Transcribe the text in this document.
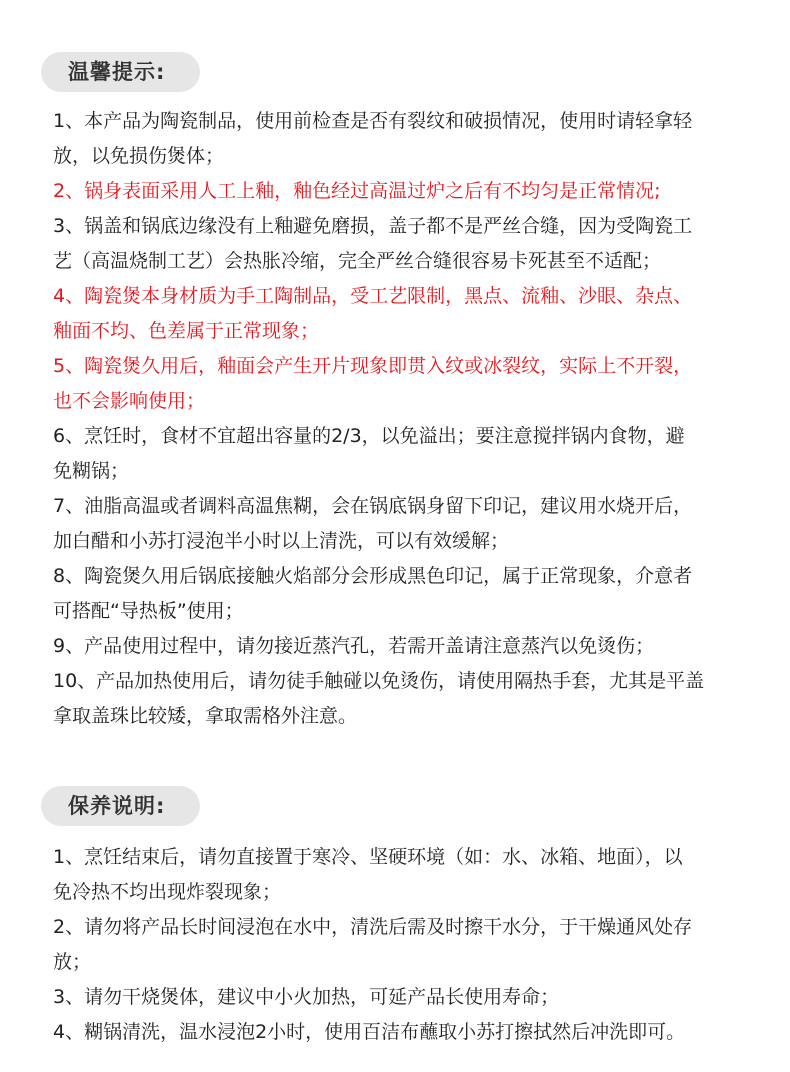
温馨提示:
1、本产品为陶瓷制品，使用前检查是否有裂纹和破损情况，使用时请轻拿轻
放，以免损伤煲体；
2、锅身表面采用人工上釉，釉色经过高温过炉之后有不均匀是正常情况;
3、锅盖和锅底边缘没有上釉避免磨损，盖子都不是严丝合缝，因为受陶瓷工
艺（高温烧制工艺）会热胀冷缩，完全严丝合缝很容易卡死甚至不适配；
4、陶瓷煲本身材质为手工陶制品，受工艺限制，黑点、流釉、沙眼、杂点、
釉面不均、色差属于正常现象；
5、陶瓷煲久用后，釉面会产生开片现象即贯入纹或冰裂纹，实际上不开裂，
也不会影响使用；
6、烹饪时，食材不宜超出容量的2/3，以免溢出；要注意搅拌锅内食物，避
免糊锅；
7、油脂高温或者调料高温焦糊，会在锅底锅身留下印记，建议用水烧开后，
加白醋和小苏打浸泡半小时以上清洗，可以有效缓解；
8、陶瓷煲久用后锅底接触火焰部分会形成黑色印记，属于正常现象，介意者
可搭配“导热板”使用；
9、产品使用过程中，请勿接近蒸汽孔，若需开盖请注意蒸汽以免烫伤；
10、产品加热使用后，请勿徒手触碰以免烫伤，请使用隔热手套，尤其是平盖
拿取盖珠比较矮，拿取需格外注意。
保养说明:
1、烹饪结束后，请勿直接置于寒冷、坚硬环境（如：水、冰箱、地面），以
免冷热不均出现炸裂现象；
2、请勿将产品长时间浸泡在水中，清洗后需及时擦干水分，于干燥通风处存
放；
3、请勿干烧煲体，建议中小火加热，可延产品长使用寿命；
4、糊锅清洗，温水浸泡2小时，使用百洁布蘸取小苏打擦拭然后冲洗即可。
